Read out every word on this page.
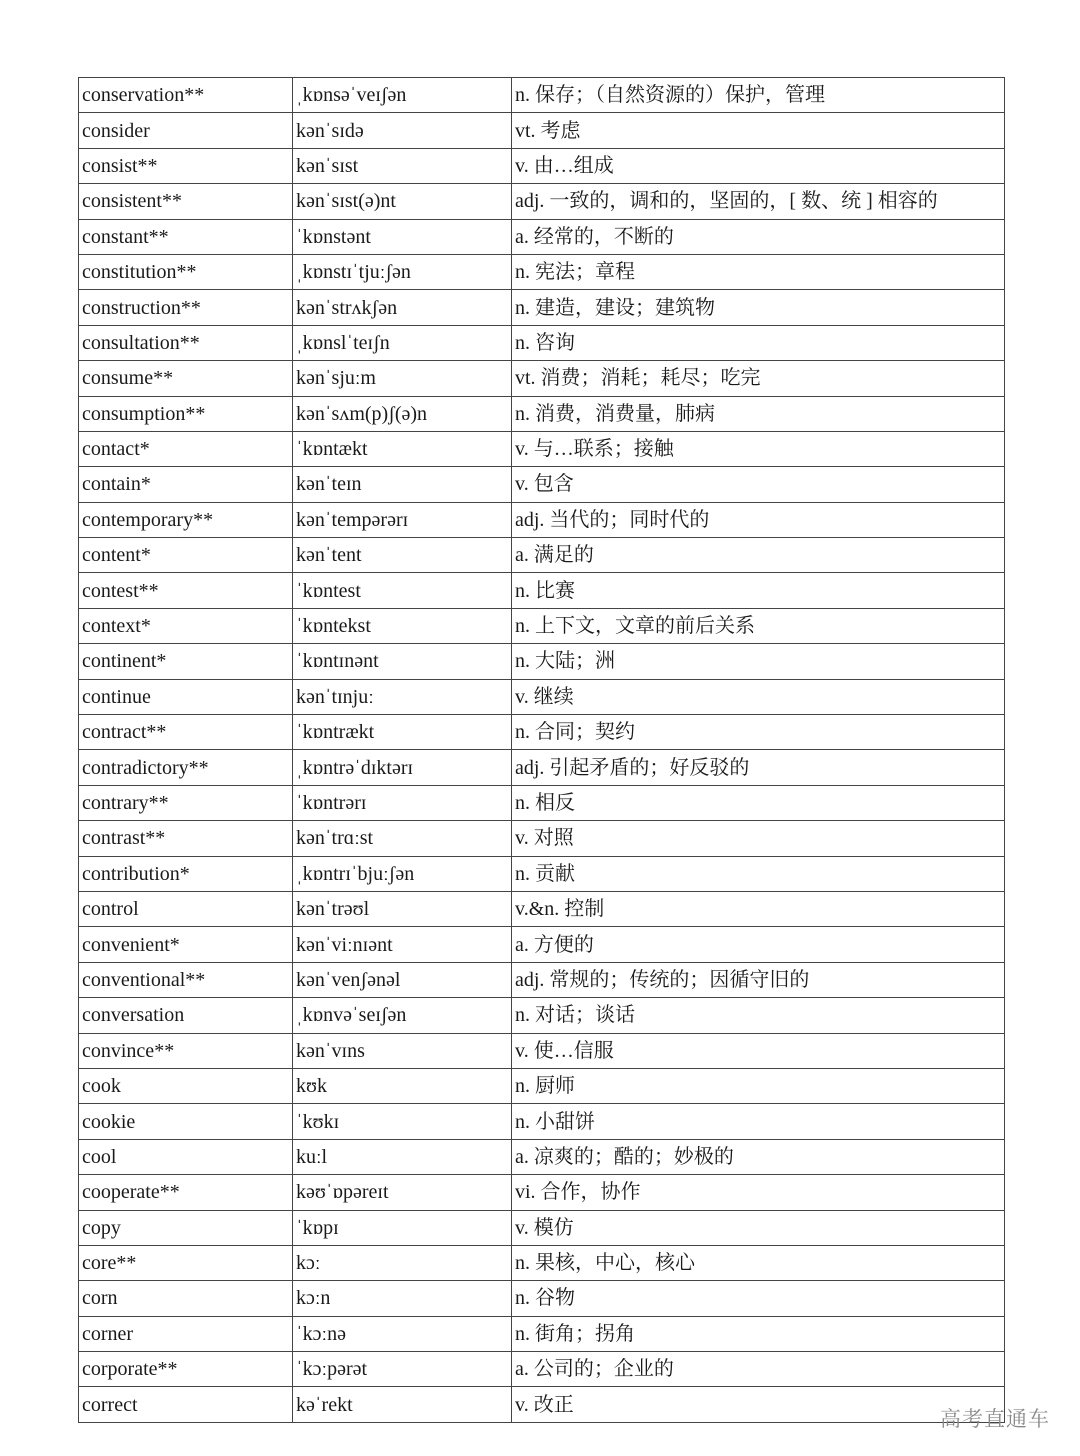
conservation**	ˌkɒnsəˈveɪʃən	n. 保存；（自然资源的）保护，管理
consider	kənˈsɪdə	vt. 考虑
consist**	kənˈsɪst	v. 由…组成
consistent**	kənˈsɪst(ə)nt	adj. 一致的，调和的，坚固的，[ 数、统 ] 相容的
constant**	ˈkɒnstənt	a. 经常的，不断的
constitution**	ˌkɒnstɪˈtjuːʃən	n. 宪法；章程
construction**	kənˈstrʌkʃən	n. 建造，建设；建筑物
consultation**	ˌkɒnslˈteɪʃn	n. 咨询
consume**	kənˈsjuːm	vt. 消费；消耗；耗尽；吃完
consumption**	kənˈsʌm(p)ʃ(ə)n	n. 消费，消费量，肺病
contact*	ˈkɒntækt	v. 与…联系；接触
contain*	kənˈteɪn	v. 包含
contemporary**	kənˈtempərərɪ	adj. 当代的；同时代的
content*	kənˈtent	a. 满足的
contest**	ˈkɒntest	n. 比赛
context*	ˈkɒntekst	n. 上下文，文章的前后关系
continent*	ˈkɒntɪnənt	n. 大陆；洲
continue	kənˈtɪnjuː	v. 继续
contract**	ˈkɒntrækt	n. 合同；契约
contradictory**	ˌkɒntrəˈdɪktərɪ	adj. 引起矛盾的；好反驳的
contrary**	ˈkɒntrərɪ	n. 相反
contrast**	kənˈtrɑːst	v. 对照
contribution*	ˌkɒntrɪˈbjuːʃən	n. 贡献
control	kənˈtrəʊl	v.&n. 控制
convenient*	kənˈviːnɪənt	a. 方便的
conventional**	kənˈvenʃənəl	adj. 常规的；传统的；因循守旧的
conversation	ˌkɒnvəˈseɪʃən	n. 对话；谈话
convince**	kənˈvɪns	v. 使…信服
cook	kʊk	n. 厨师
cookie	ˈkʊkɪ	n. 小甜饼
cool	kuːl	a. 凉爽的；酷的；妙极的
cooperate**	kəʊˈɒpəreɪt	vi. 合作，协作
copy	ˈkɒpɪ	v. 模仿
core**	kɔː	n. 果核，中心，核心
corn	kɔːn	n. 谷物
corner	ˈkɔːnə	n. 街角；拐角
corporate**	ˈkɔːpərət	a. 公司的；企业的
correct	kəˈrekt	v. 改正
高考直通车
